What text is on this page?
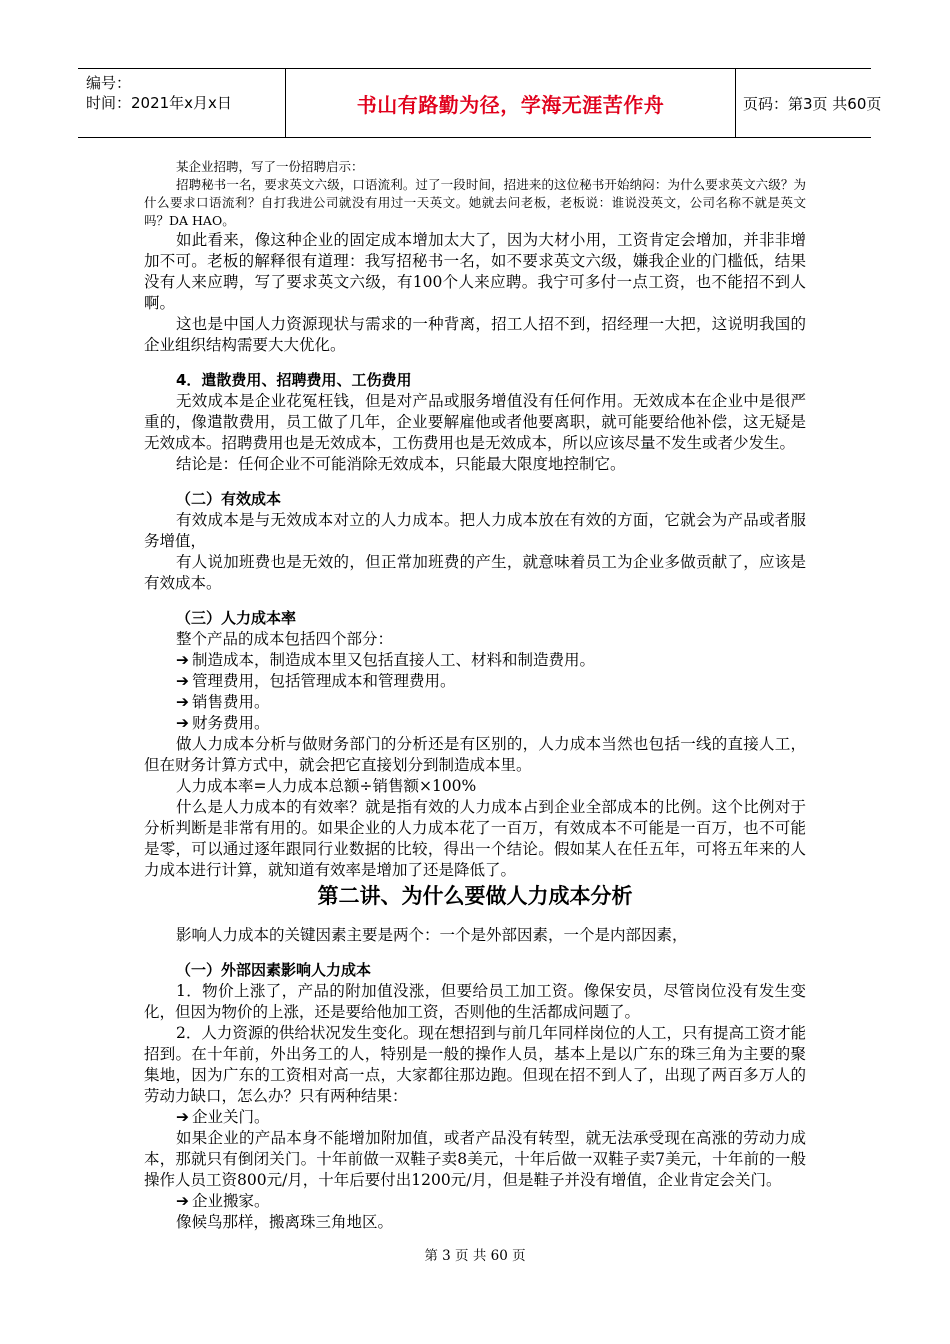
编号：
时间：2021年x月x日	书山有路勤为径，学海无涯苦作舟	页码：第3页 共60页

某企业招聘，写了一份招聘启示：

招聘秘书一名，要求英文六级，口语流利。过了一段时间，招进来的这位秘书开始纳闷：为什么要求英文六级？为什么要求口语流利？自打我进公司就没有用过一天英文。她就去问老板，老板说：谁说没英文，公司名称不就是英文吗？DA HAO。

如此看来，像这种企业的固定成本增加太大了，因为大材小用，工资肯定会增加，并非非增加不可。老板的解释很有道理：我写招秘书一名，如不要求英文六级，嫌我企业的门槛低，结果没有人来应聘，写了要求英文六级，有100个人来应聘。我宁可多付一点工资，也不能招不到人啊。

这也是中国人力资源现状与需求的一种背离，招工人招不到，招经理一大把，这说明我国的企业组织结构需要大大优化。

4．遣散费用、招聘费用、工伤费用

无效成本是企业花冤枉钱，但是对产品或服务增值没有任何作用。无效成本在企业中是很严重的，像遣散费用，员工做了几年，企业要解雇他或者他要离职，就可能要给他补偿，这无疑是无效成本。招聘费用也是无效成本，工伤费用也是无效成本，所以应该尽量不发生或者少发生。

结论是：任何企业不可能消除无效成本，只能最大限度地控制它。

（二）有效成本

有效成本是与无效成本对立的人力成本。把人力成本放在有效的方面，它就会为产品或者服务增值，

有人说加班费也是无效的，但正常加班费的产生，就意味着员工为企业多做贡献了，应该是有效成本。

（三）人力成本率

整个产品的成本包括四个部分：

➔ 制造成本，制造成本里又包括直接人工、材料和制造费用。

➔ 管理费用，包括管理成本和管理费用。

➔ 销售费用。

➔ 财务费用。

做人力成本分析与做财务部门的分析还是有区别的，人力成本当然也包括一线的直接人工，但在财务计算方式中，就会把它直接划分到制造成本里。

人力成本率=人力成本总额÷销售额×100%

什么是人力成本的有效率？就是指有效的人力成本占到企业全部成本的比例。这个比例对于分析判断是非常有用的。如果企业的人力成本花了一百万，有效成本不可能是一百万，也不可能是零，可以通过逐年跟同行业数据的比较，得出一个结论。假如某人在任五年，可将五年来的人力成本进行计算，就知道有效率是增加了还是降低了。

第二讲、为什么要做人力成本分析

影响人力成本的关键因素主要是两个：一个是外部因素，一个是内部因素，

（一）外部因素影响人力成本

1．物价上涨了，产品的附加值没涨，但要给员工加工资。像保安员，尽管岗位没有发生变化，但因为物价的上涨，还是要给他加工资，否则他的生活都成问题了。

2．人力资源的供给状况发生变化。现在想招到与前几年同样岗位的人工，只有提高工资才能招到。在十年前，外出务工的人，特别是一般的操作人员，基本上是以广东的珠三角为主要的聚集地，因为广东的工资相对高一点，大家都往那边跑。但现在招不到人了，出现了两百多万人的劳动力缺口，怎么办？只有两种结果：

➔ 企业关门。

如果企业的产品本身不能增加附加值，或者产品没有转型，就无法承受现在高涨的劳动力成本，那就只有倒闭关门。十年前做一双鞋子卖8美元，十年后做一双鞋子卖7美元，十年前的一般操作人员工资800元/月，十年后要付出1200元/月，但是鞋子并没有增值，企业肯定会关门。

➔ 企业搬家。

像候鸟那样，搬离珠三角地区。

第 3 页 共 60 页
